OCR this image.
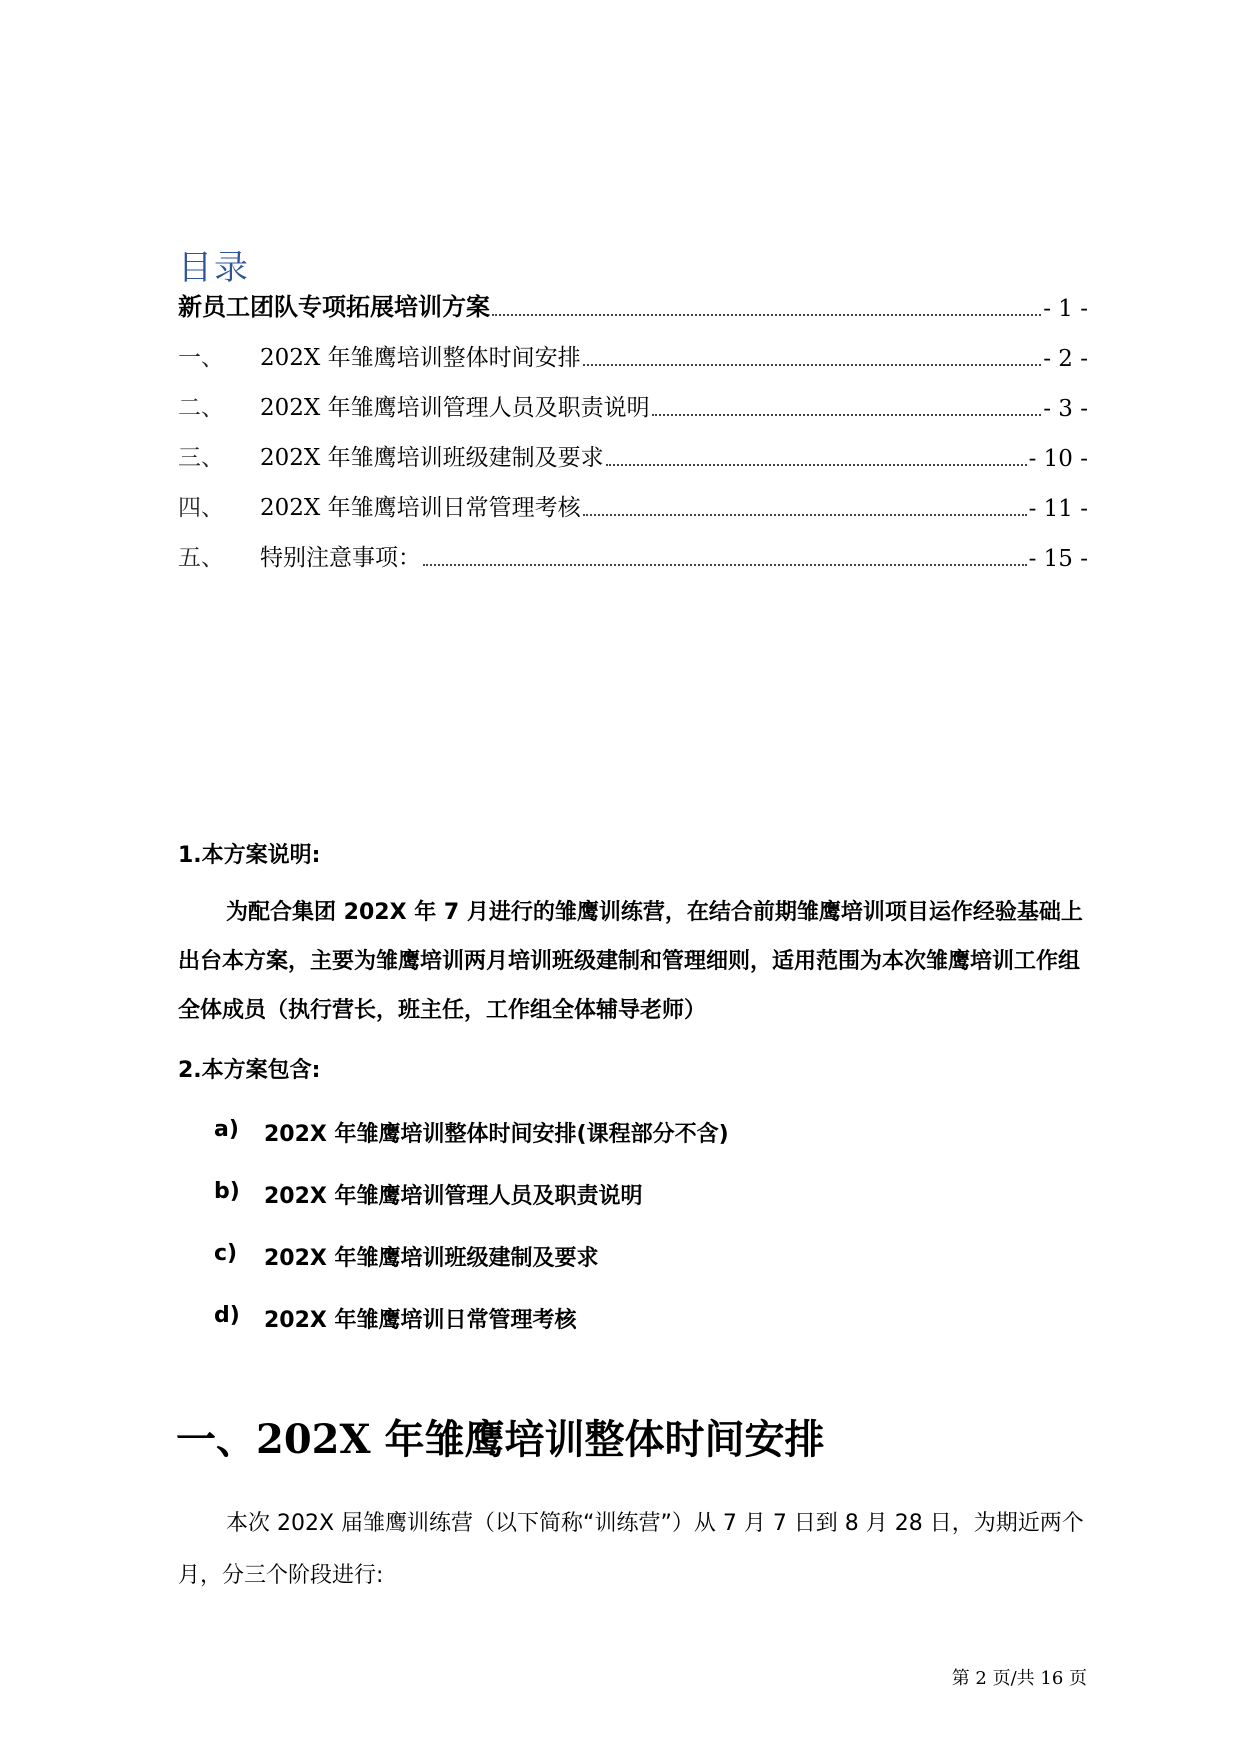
目录
新员工团队专项拓展培训方案	- 1 -
一、	202X 年雏鹰培训整体时间安排	- 2 -
二、	202X 年雏鹰培训管理人员及职责说明	- 3 -
三、	202X 年雏鹰培训班级建制及要求	- 10 -
四、	202X 年雏鹰培训日常管理考核	- 11 -
五、	特别注意事项：	- 15 -
1.本方案说明:
为配合集团 202X 年 7 月进行的雏鹰训练营，在结合前期雏鹰培训项目运作经验基础上出台本方案，主要为雏鹰培训两月培训班级建制和管理细则，适用范围为本次雏鹰培训工作组全体成员（执行营长，班主任，工作组全体辅导老师）
2.本方案包含:
a)	202X 年雏鹰培训整体时间安排(课程部分不含)
b)	202X 年雏鹰培训管理人员及职责说明
c)	202X 年雏鹰培训班级建制及要求
d)	202X 年雏鹰培训日常管理考核
一、202X 年雏鹰培训整体时间安排
本次 202X 届雏鹰训练营（以下简称“训练营”）从 7 月 7 日到 8 月 28 日，为期近两个月，分三个阶段进行:
第 2 页/共 16 页
